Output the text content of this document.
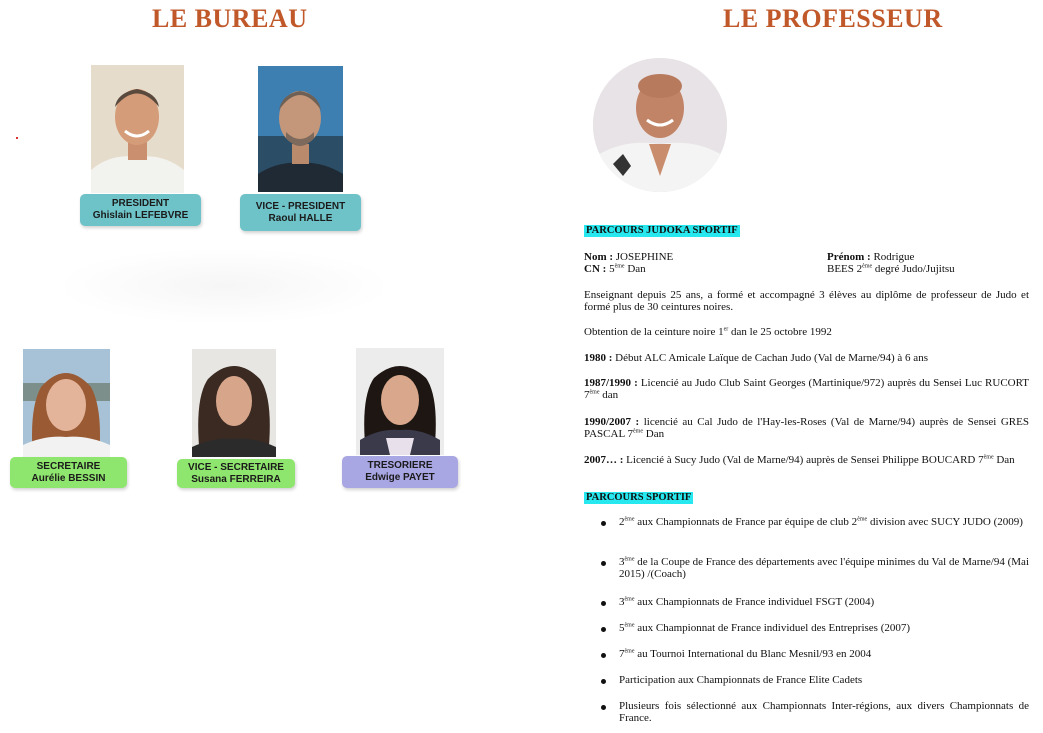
LE BUREAU	LE PROFESSEUR
PRESIDENT
Ghislain LEFEBVRE
VICE - PRESIDENT
Raoul HALLE
SECRETAIRE
Aurélie BESSIN
VICE - SECRETAIRE
Susana FERREIRA
TRESORIERE
Edwige PAYET
PARCOURS JUDOKA SPORTIF
Nom : JOSEPHINE
CN : 5ème Dan
Prénom : Rodrigue
BEES 2ème degré Judo/Jujitsu
Enseignant depuis 25 ans, a formé et accompagné 3 élèves au diplôme de professeur de Judo et formé plus de 30 ceintures noires.
Obtention de la ceinture noire 1er dan le 25 octobre 1992
1980 : Début ALC Amicale Laïque de Cachan Judo (Val de Marne/94) à 6 ans
1987/1990 : Licencié au Judo Club Saint Georges (Martinique/972) auprès du Sensei Luc RUCORT 7ème dan
1990/2007 : licencié au Cal Judo de l'Hay-les-Roses (Val de Marne/94) auprès de Sensei GRES PASCAL 7ème Dan
2007… : Licencié à Sucy Judo (Val de Marne/94) auprès de Sensei Philippe BOUCARD 7ème Dan
PARCOURS SPORTIF
2ème aux Championnats de France par équipe de club 2ème division avec SUCY JUDO (2009)
3ème de la Coupe de France des départements avec l'équipe minimes du Val de Marne/94 (Mai 2015) /(Coach)
3ème aux Championnats de France individuel FSGT (2004)
5ème aux Championnat de France individuel des Entreprises (2007)
7ème au Tournoi International du Blanc Mesnil/93 en 2004
Participation aux Championnats de France Elite Cadets
Plusieurs fois sélectionné aux Championnats Inter-régions, aux divers Championnats de France.
